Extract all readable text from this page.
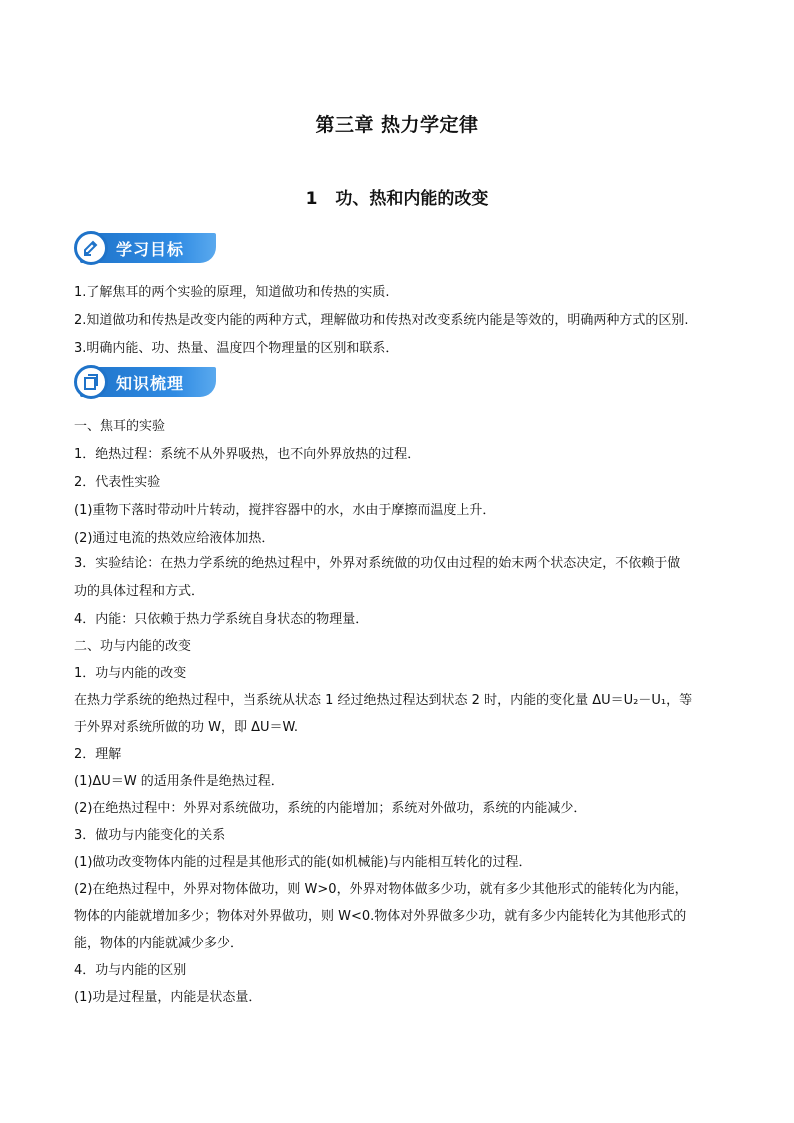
第三章 热力学定律
1 功、热和内能的改变
学习目标
1.了解焦耳的两个实验的原理，知道做功和传热的实质.
2.知道做功和传热是改变内能的两种方式，理解做功和传热对改变系统内能是等效的，明确两种方式的区别.
3.明确内能、功、热量、温度四个物理量的区别和联系．
知识梳理
一、焦耳的实验
1．绝热过程：系统不从外界吸热，也不向外界放热的过程．
2．代表性实验
(1)重物下落时带动叶片转动，搅拌容器中的水，水由于摩擦而温度上升．
(2)通过电流的热效应给液体加热．
3．实验结论：在热力学系统的绝热过程中，外界对系统做的功仅由过程的始末两个状态决定，不依赖于做
功的具体过程和方式．
4．内能：只依赖于热力学系统自身状态的物理量．
二、功与内能的改变
1．功与内能的改变
在热力学系统的绝热过程中，当系统从状态 1 经过绝热过程达到状态 2 时，内能的变化量 ΔU＝U₂－U₁，等
于外界对系统所做的功 W，即 ΔU＝W.
2．理解
(1)ΔU＝W 的适用条件是绝热过程．
(2)在绝热过程中：外界对系统做功，系统的内能增加；系统对外做功，系统的内能减少．
3．做功与内能变化的关系
(1)做功改变物体内能的过程是其他形式的能(如机械能)与内能相互转化的过程．
(2)在绝热过程中，外界对物体做功，则 W>0，外界对物体做多少功，就有多少其他形式的能转化为内能，
物体的内能就增加多少；物体对外界做功，则 W<0.物体对外界做多少功，就有多少内能转化为其他形式的
能，物体的内能就减少多少．
4．功与内能的区别
(1)功是过程量，内能是状态量．
